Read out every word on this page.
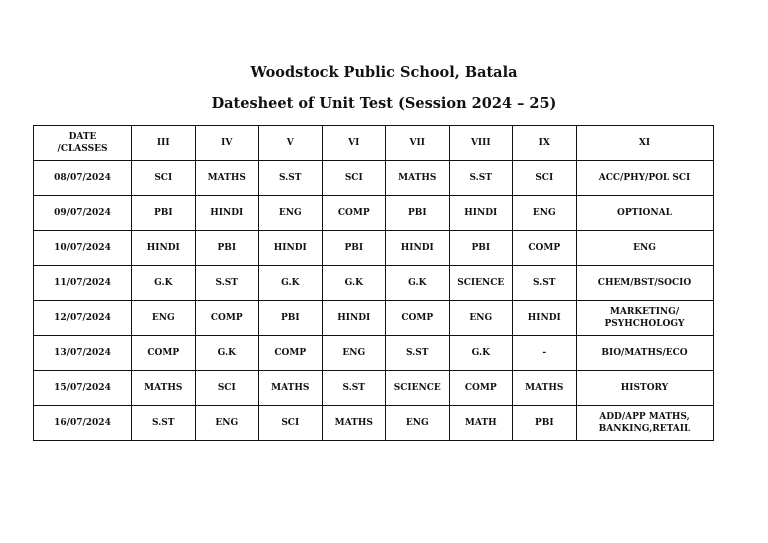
Woodstock Public School, Batala
Datesheet of Unit Test (Session 2024 – 25)
DATE
/CLASSES	III	IV	V	VI	VII	VIII	IX	XI
08/07/2024	SCI	MATHS	S.ST	SCI	MATHS	S.ST	SCI	ACC/PHY/POL SCI
09/07/2024	PBI	HINDI	ENG	COMP	PBI	HINDI	ENG	OPTIONAL
10/07/2024	HINDI	PBI	HINDI	PBI	HINDI	PBI	COMP	ENG
11/07/2024	G.K	S.ST	G.K	G.K	G.K	SCIENCE	S.ST	CHEM/BST/SOCIO
12/07/2024	ENG	COMP	PBI	HINDI	COMP	ENG	HINDI	MARKETING/
PSYHCHOLOGY
13/07/2024	COMP	G.K	COMP	ENG	S.ST	G.K	-	BIO/MATHS/ECO
15/07/2024	MATHS	SCI	MATHS	S.ST	SCIENCE	COMP	MATHS	HISTORY
16/07/2024	S.ST	ENG	SCI	MATHS	ENG	MATH	PBI	ADD/APP MATHS,
BANKING,RETAIL
